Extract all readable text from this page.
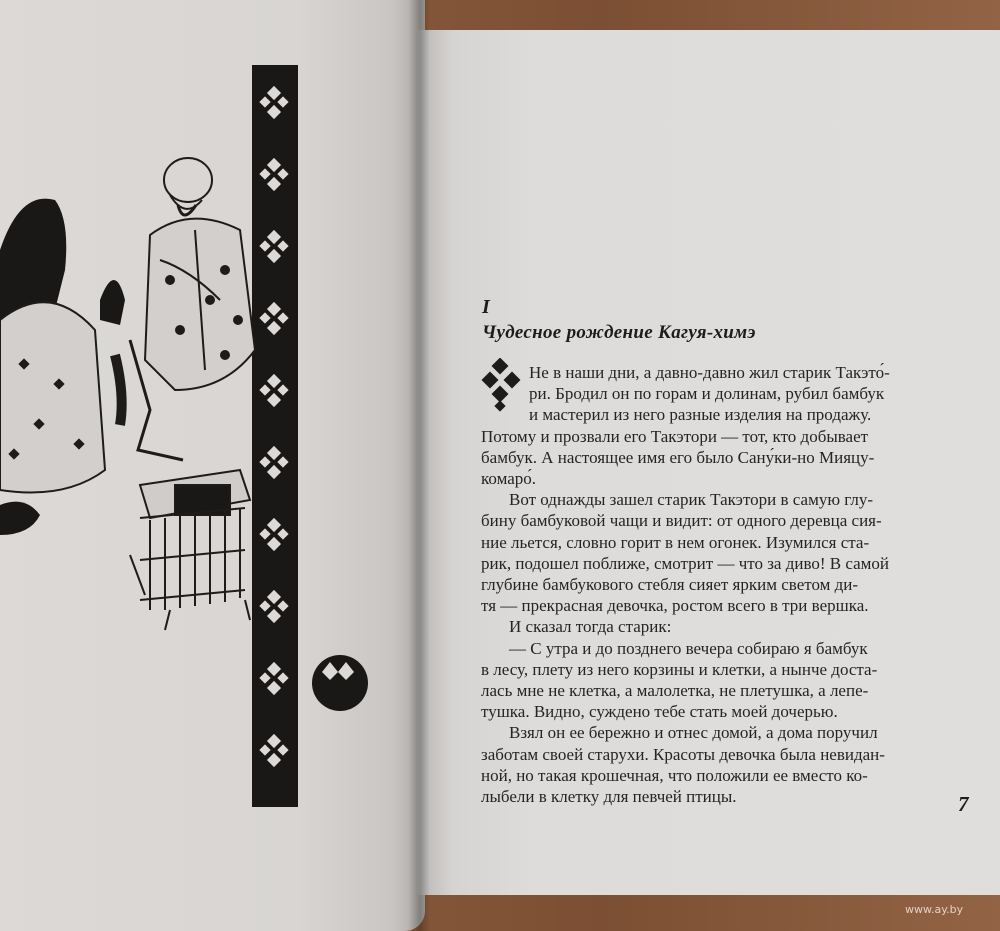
I
Чудесное рождение Кагуя-химэ
Не в наши дни, а давно-давно жил старик Такэто́-
ри. Бродил он по горам и долинам, рубил бамбук
и мастерил из него разные изделия на продажу.
Потому и прозвали его Такэтори — тот, кто добывает
бамбук. А настоящее имя его было Сану́ки-но Мияцу-
комаро́.
Вот однажды зашел старик Такэтори в самую глу-
бину бамбуковой чащи и видит: от одного деревца сия-
ние льется, словно горит в нем огонек. Изумился ста-
рик, подошел поближе, смотрит — что за диво! В самой
глубине бамбукового стебля сияет ярким светом ди-
тя — прекрасная девочка, ростом всего в три вершка.
И сказал тогда старик:
— С утра и до позднего вечера собираю я бамбук
в лесу, плету из него корзины и клетки, а нынче доста-
лась мне не клетка, а малолетка, не плетушка, а лепе-
тушка. Видно, суждено тебе стать моей дочерью.
Взял он ее бережно и отнес домой, а дома поручил
заботам своей старухи. Красоты девочка была невидан-
ной, но такая крошечная, что положили ее вместо ко-
лыбели в клетку для певчей птицы.	7
www.ay.by
